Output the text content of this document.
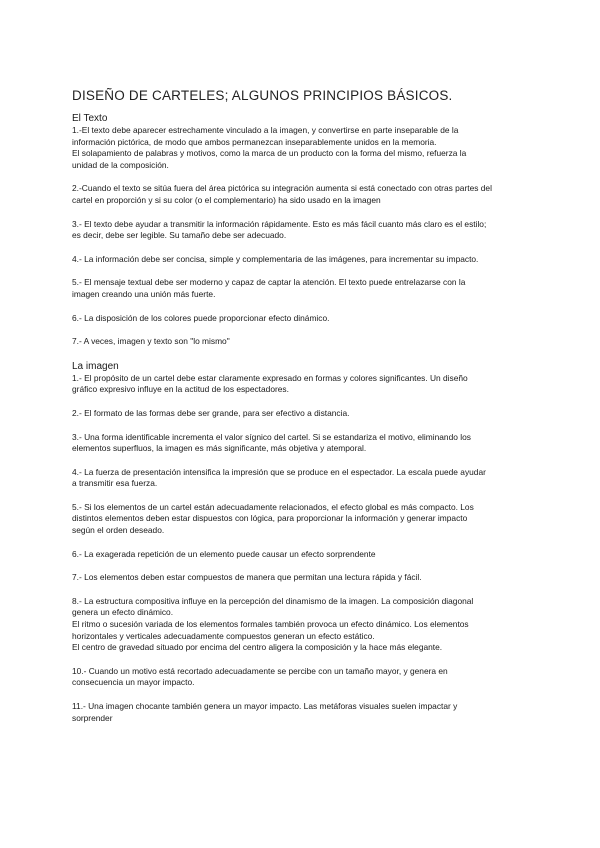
DISEÑO DE CARTELES; ALGUNOS PRINCIPIOS BÁSICOS.
El Texto

1.-El texto debe aparecer estrechamente vinculado a la imagen, y convertirse en parte inseparable de la
información pictórica, de modo que ambos permanezcan inseparablemente unidos en la memoria.
El solapamiento de palabras y motivos, como la marca de un producto con la forma del mismo, refuerza la
unidad de la composición.

2.-Cuando el texto se sitúa fuera del área pictórica su integración aumenta si está conectado con otras partes del
cartel en proporción y si su color (o el complementario) ha sido usado en la imagen

3.- El texto debe ayudar a transmitir la información rápidamente. Esto es más fácil cuanto más claro es el estilo;
es decir, debe ser legible. Su tamaño debe ser adecuado.

4.- La información debe ser concisa, simple y complementaria de las imágenes, para incrementar su impacto.

5.- El mensaje textual debe ser moderno y capaz de captar la atención. El texto puede entrelazarse con la
imagen creando una unión más fuerte.

6.- La disposición de los colores puede proporcionar efecto dinámico.

7.- A veces, imagen y texto son "lo mismo"

La imagen

1.- El propósito de un cartel debe estar claramente expresado en formas y colores significantes. Un diseño
gráfico expresivo influye en la actitud de los espectadores.

2.- El formato de las formas debe ser grande, para ser efectivo a distancia.

3.- Una forma identificable incrementa el valor sígnico del cartel. Si se estandariza el motivo, eliminando los
elementos superfluos, la imagen es más significante, más objetiva y atemporal.

4.- La fuerza de presentación intensifica la impresión que se produce en el espectador. La escala puede ayudar
a transmitir esa fuerza.

5.- Si los elementos de un cartel están adecuadamente relacionados, el efecto global es más compacto. Los
distintos elementos deben estar dispuestos con lógica, para proporcionar la información y generar impacto
según el orden deseado.

6.- La exagerada repetición de un elemento puede causar un efecto sorprendente

7.- Los elementos deben estar compuestos de manera que permitan una lectura rápida y fácil.

8.- La estructura compositiva influye en la percepción del dinamismo de la imagen. La composición diagonal
genera un efecto dinámico.
El ritmo o sucesión variada de los elementos formales también provoca un efecto dinámico. Los elementos
horizontales y verticales adecuadamente compuestos generan un efecto estático.
El centro de gravedad situado por encima del centro aligera la composición y la hace más elegante.

10.- Cuando un motivo está recortado adecuadamente se percibe con un tamaño mayor, y genera en
consecuencia un mayor impacto.

11.- Una imagen chocante también genera un mayor impacto. Las metáforas visuales suelen impactar y
sorprender
